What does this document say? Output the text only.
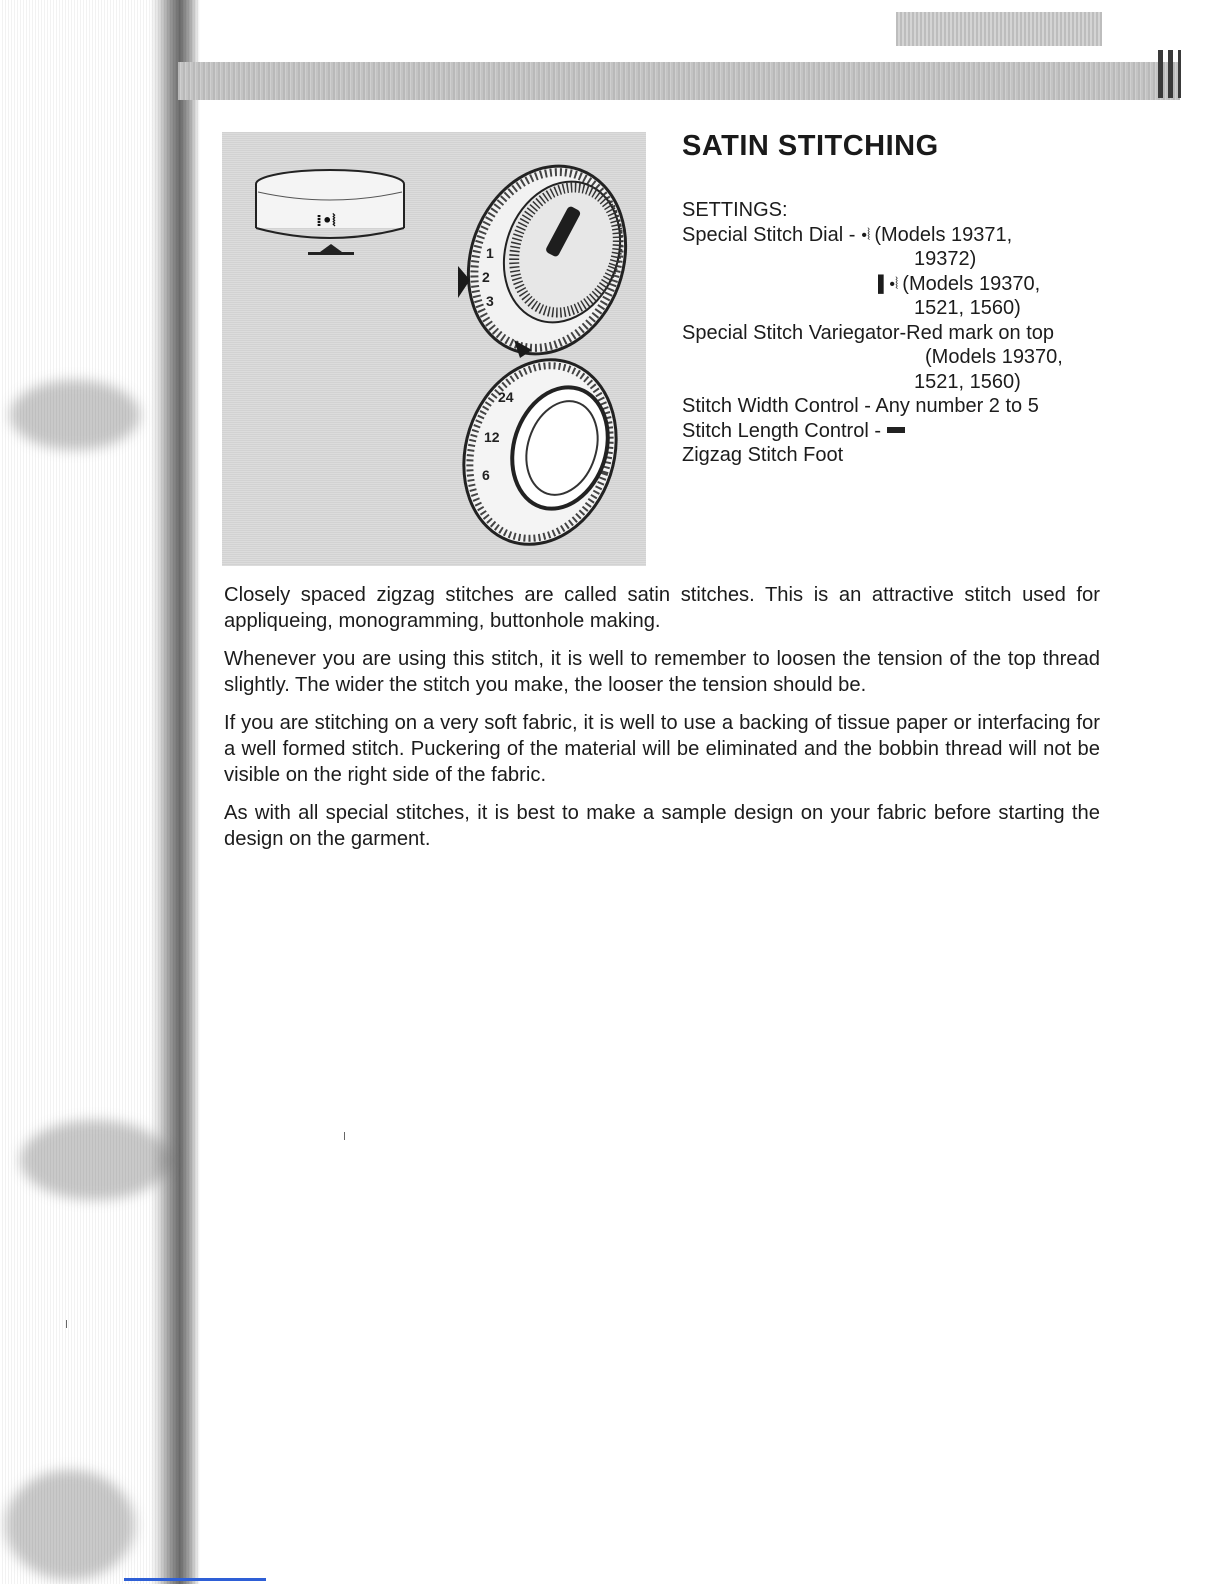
⁞•⦚
1
2
3
24
12
6
SATIN STITCHING
SETTINGS:
Special Stitch Dial - •⦚ (Models 19371,
19372)
▌•⦚ (Models 19370,
1521, 1560)
Special Stitch Variegator-Red mark on top
(Models 19370,
1521, 1560)
Stitch Width Control - Any number 2 to 5
Stitch Length Control -
Zigzag Stitch Foot

Closely spaced zigzag stitches are called satin stitches. This is an attractive stitch used for appliqueing, monogramming, buttonhole making.

Whenever you are using this stitch, it is well to remember to loosen the tension of the top thread slightly. The wider the stitch you make, the looser the tension should be.

If you are stitching on a very soft fabric, it is well to use a backing of tissue paper or interfacing for a well formed stitch. Puckering of the material will be eliminated and the bobbin thread will not be visible on the right side of the fabric.

As with all special stitches, it is best to make a sample design on your fabric before starting the design on the garment.
